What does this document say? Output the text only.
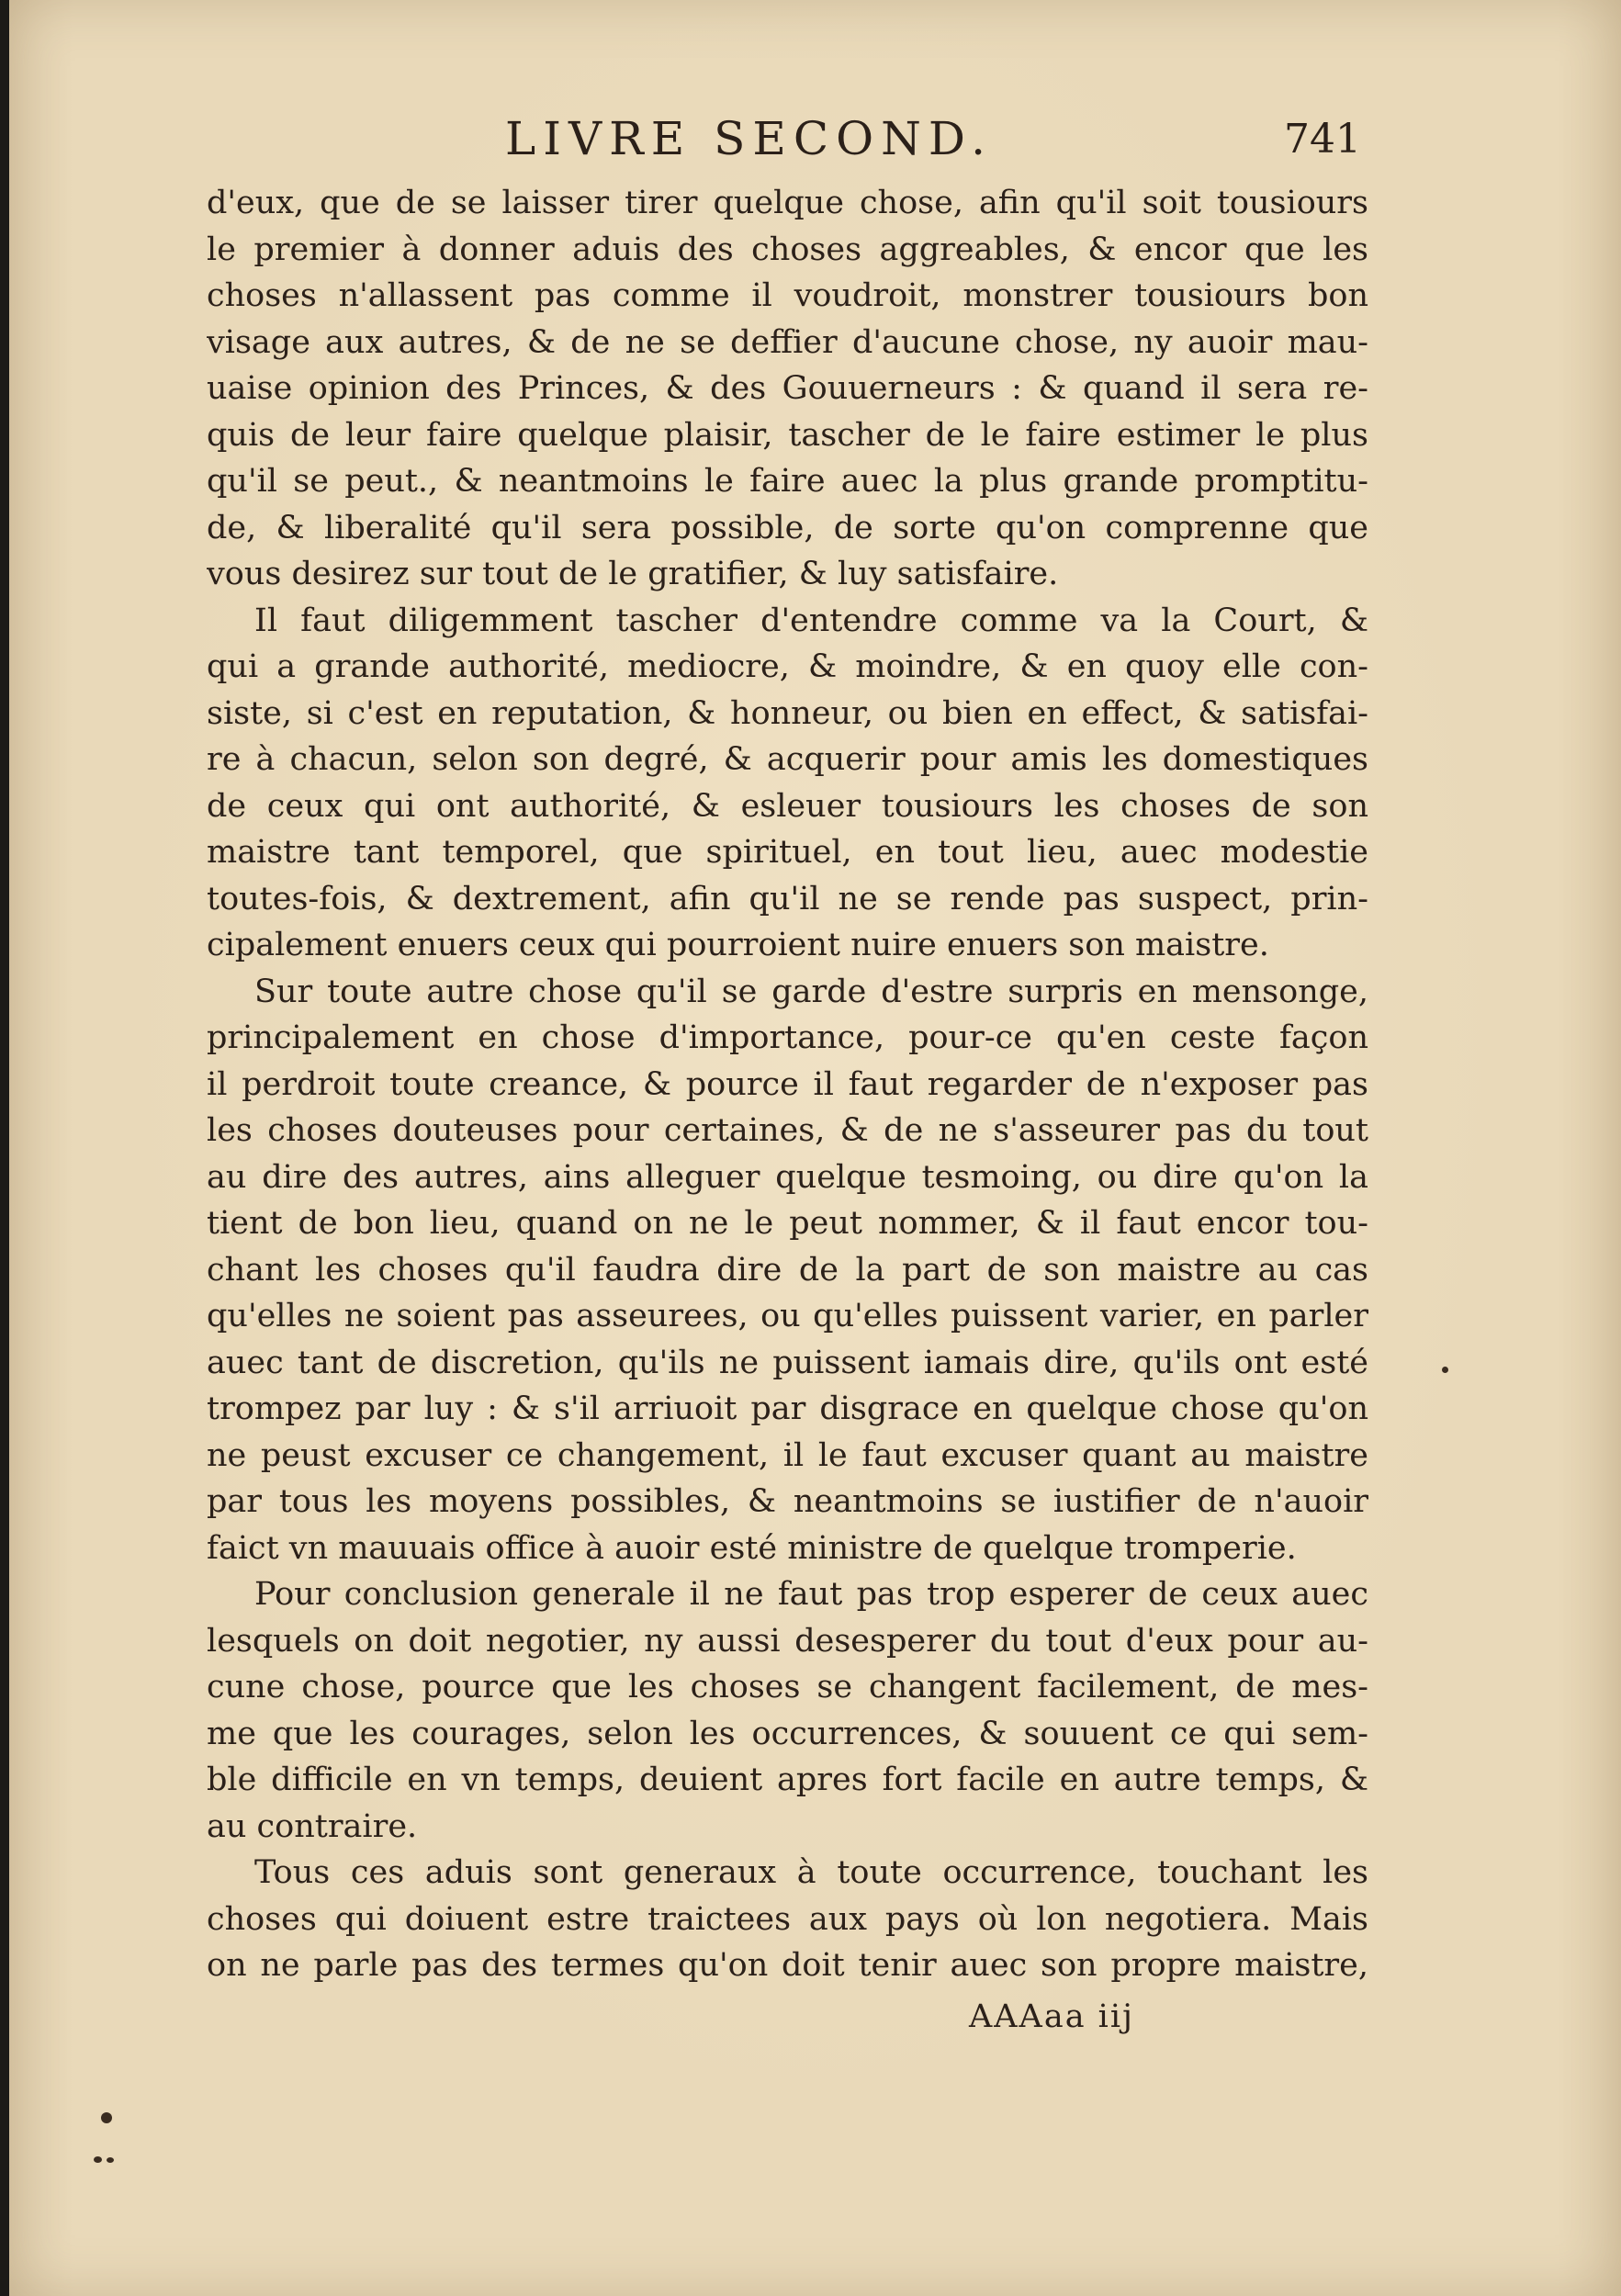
LIVRE SECOND.	741
d'eux, que de se laisser tirer quelque chose, afin qu'il soit tousiours
le premier à donner aduis des choses aggreables, & encor que les
choses n'allassent pas comme il voudroit, monstrer tousiours bon
visage aux autres, & de ne se deffier d'aucune chose, ny auoir mau-
uaise opinion des Princes, & des Gouuerneurs : & quand il sera re-
quis de leur faire quelque plaisir, tascher de le faire estimer le plus
qu'il se peut., & neantmoins le faire auec la plus grande promptitu-
de, & liberalité qu'il sera possible, de sorte qu'on comprenne que
vous desirez sur tout de le gratifier, & luy satisfaire.
Il faut diligemment tascher d'entendre comme va la Court, &
qui a grande authorité, mediocre, & moindre, & en quoy elle con-
siste, si c'est en reputation, & honneur, ou bien en effect, & satisfai-
re à chacun, selon son degré, & acquerir pour amis les domestiques
de ceux qui ont authorité, & esleuer tousiours les choses de son
maistre tant temporel, que spirituel, en tout lieu, auec modestie
toutes-fois, & dextrement, afin qu'il ne se rende pas suspect, prin-
cipalement enuers ceux qui pourroient nuire enuers son maistre.
Sur toute autre chose qu'il se garde d'estre surpris en mensonge,
principalement en chose d'importance, pour-ce qu'en ceste façon
il perdroit toute creance, & pource il faut regarder de n'exposer pas
les choses douteuses pour certaines, & de ne s'asseurer pas du tout
au dire des autres, ains alleguer quelque tesmoing, ou dire qu'on la
tient de bon lieu, quand on ne le peut nommer, & il faut encor tou-
chant les choses qu'il faudra dire de la part de son maistre au cas
qu'elles ne soient pas asseurees, ou qu'elles puissent varier, en parler
auec tant de discretion, qu'ils ne puissent iamais dire, qu'ils ont esté
trompez par luy : & s'il arriuoit par disgrace en quelque chose qu'on
ne peust excuser ce changement, il le faut excuser quant au maistre
par tous les moyens possibles, & neantmoins se iustifier de n'auoir
faict vn mauuais office à auoir esté ministre de quelque tromperie.
Pour conclusion generale il ne faut pas trop esperer de ceux auec
lesquels on doit negotier, ny aussi desesperer du tout d'eux pour au-
cune chose, pource que les choses se changent facilement, de mes-
me que les courages, selon les occurrences, & souuent ce qui sem-
ble difficile en vn temps, deuient apres fort facile en autre temps, &
au contraire.
Tous ces aduis sont generaux à toute occurrence, touchant les
choses qui doiuent estre traictees aux pays où lon negotiera. Mais
on ne parle pas des termes qu'on doit tenir auec son propre maistre,
AAAaa iij
